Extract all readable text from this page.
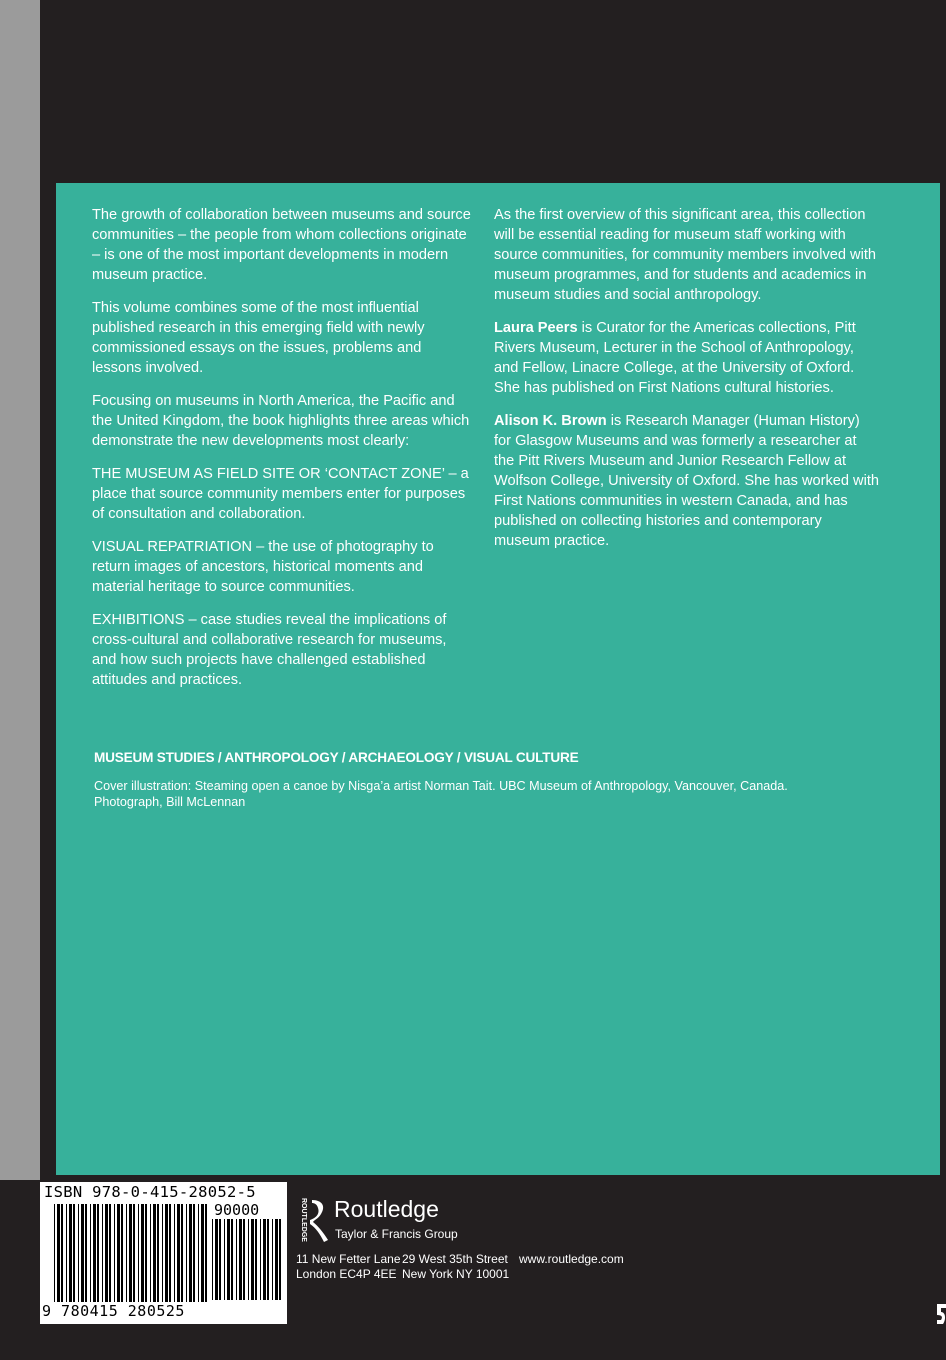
The growth of collaboration between museums and source communities – the people from whom collections originate – is one of the most important developments in modern museum practice.

This volume combines some of the most influential published research in this emerging field with newly commissioned essays on the issues, problems and lessons involved.

Focusing on museums in North America, the Pacific and the United Kingdom, the book highlights three areas which demonstrate the new developments most clearly:

THE MUSEUM AS FIELD SITE OR ‘CONTACT ZONE’ – a place that source community members enter for purposes of consultation and collaboration.

VISUAL REPATRIATION – the use of photography to return images of ancestors, historical moments and material heritage to source communities.

EXHIBITIONS – case studies reveal the implications of cross-cultural and collaborative research for museums, and how such projects have challenged established attitudes and practices.

As the first overview of this significant area, this collection will be essential reading for museum staff working with source communities, for community members involved with museum programmes, and for students and academics in museum studies and social anthropology.

Laura Peers is Curator for the Americas collections, Pitt Rivers Museum, Lecturer in the School of Anthropology, and Fellow, Linacre College, at the University of Oxford. She has published on First Nations cultural histories.

Alison K. Brown is Research Manager (Human History) for Glasgow Museums and was formerly a researcher at the Pitt Rivers Museum and Junior Research Fellow at Wolfson College, University of Oxford. She has worked with First Nations communities in western Canada, and has published on collecting histories and contemporary museum practice.

MUSEUM STUDIES / ANTHROPOLOGY / ARCHAEOLOGY / VISUAL CULTURE
Cover illustration: Steaming open a canoe by Nisga’a artist Norman Tait. UBC Museum of Anthropology, Vancouver, Canada.
Photograph, Bill McLennan
ISBN 978-0-415-28052-5
90000
9 780415 280525
ROUTLEDGE Routledge
Taylor & Francis Group
11 New Fetter Lane
London EC4P 4EE
29 West 35th Street
New York NY 10001
www.routledge.com
